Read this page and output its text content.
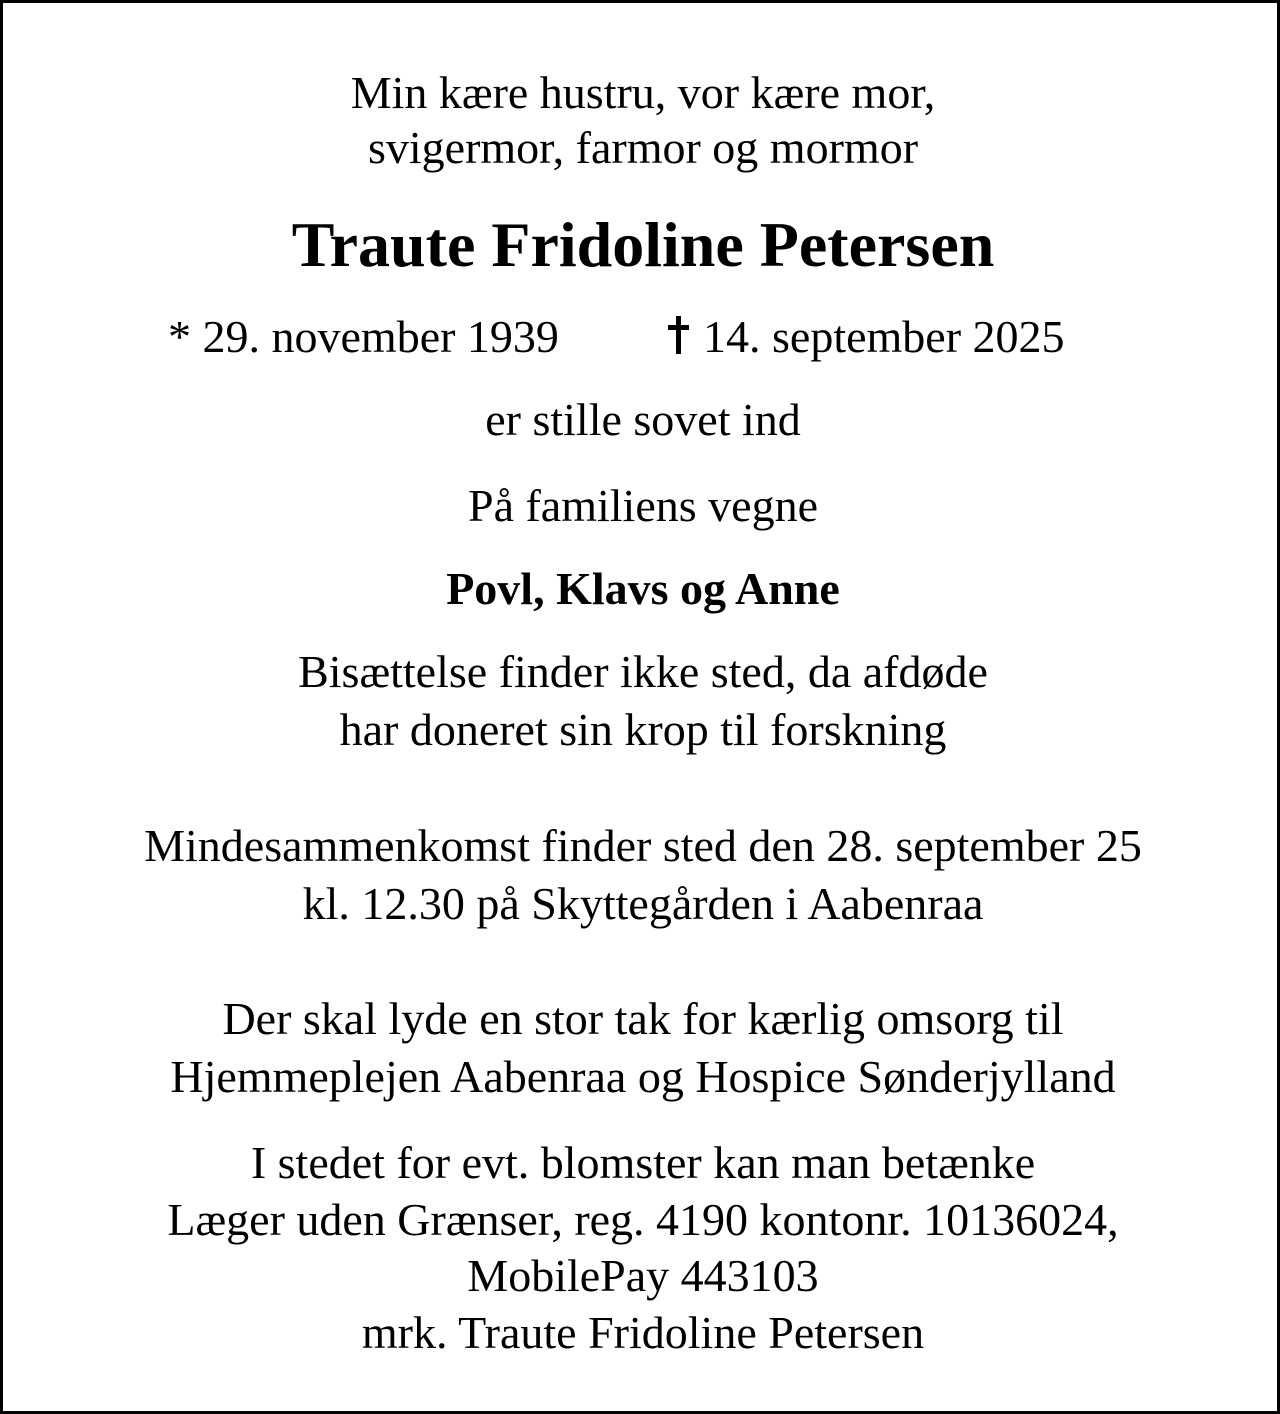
Min kære hustru, vor kære mor,
svigermor, farmor og mormor
Traute Fridoline Petersen
* 29. november 1939	14. september 2025
er stille sovet ind
På familiens vegne
Povl, Klavs og Anne
Bisættelse finder ikke sted, da afdøde
har doneret sin krop til forskning
Mindesammenkomst finder sted den 28. september 25
kl. 12.30 på Skyttegården i Aabenraa
Der skal lyde en stor tak for kærlig omsorg til
Hjemmeplejen Aabenraa og Hospice Sønderjylland
I stedet for evt. blomster kan man betænke
Læger uden Grænser, reg. 4190 kontonr. 10136024,
MobilePay 443103
mrk. Traute Fridoline Petersen
